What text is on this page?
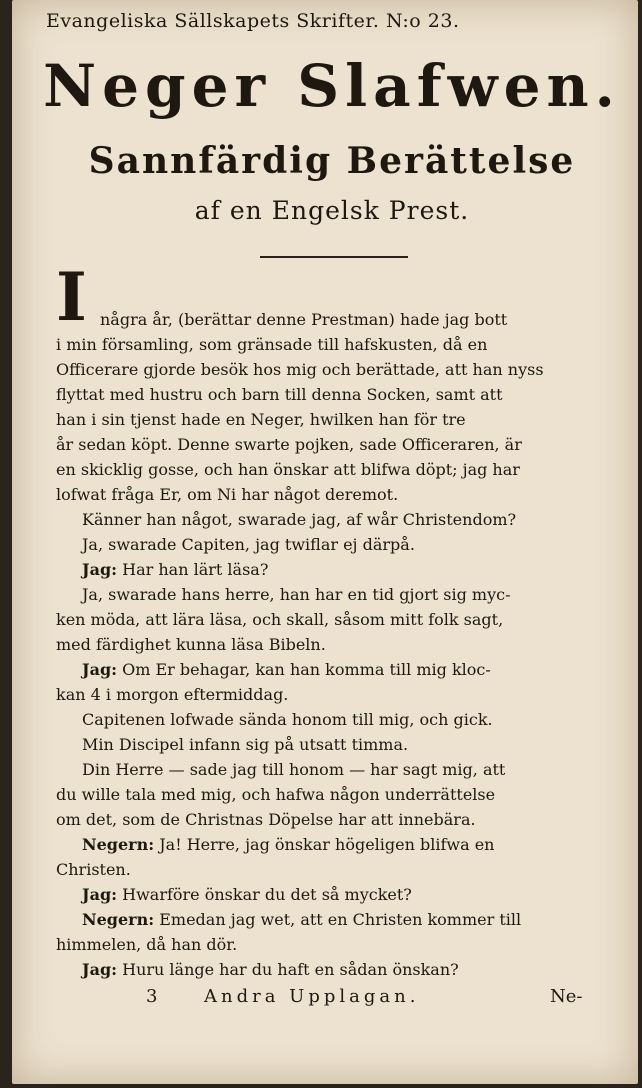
Evangeliska Sällskapets Skrifter. N:o 23.
Neger Slafwen.
Sannfärdig Berättelse
af en Engelsk Prest.
I några år, (berättar denne Prestman) hade jag bott
i min församling, som gränsade till hafskusten, då en
Officerare gjorde besök hos mig och berättade, att han nyss
flyttat med hustru och barn till denna Socken, samt att
han i sin tjenst hade en Neger, hwilken han för tre
år sedan köpt. Denne swarte pojken, sade Officeraren, är
en skicklig gosse, och han önskar att blifwa döpt; jag har
lofwat fråga Er, om Ni har något deremot.
Känner han något, swarade jag, af wår Christendom?
Ja, swarade Capiten, jag twiflar ej därpå.
Jag: Har han lärt läsa?
Ja, swarade hans herre, han har en tid gjort sig myc-
ken möda, att lära läsa, och skall, såsom mitt folk sagt,
med färdighet kunna läsa Bibeln.
Jag: Om Er behagar, kan han komma till mig kloc-
kan 4 i morgon eftermiddag.
Capitenen lofwade sända honom till mig, och gick.
Min Discipel infann sig på utsatt timma.
Din Herre — sade jag till honom — har sagt mig, att
du wille tala med mig, och hafwa någon underrättelse
om det, som de Christnas Döpelse har att innebära.
Negern: Ja! Herre, jag önskar högeligen blifwa en
Christen.
Jag: Hwarföre önskar du det så mycket?
Negern: Emedan jag wet, att en Christen kommer till
himmelen, då han dör.
Jag: Huru länge har du haft en sådan önskan?
3	Andra Upplagan.	Ne-
